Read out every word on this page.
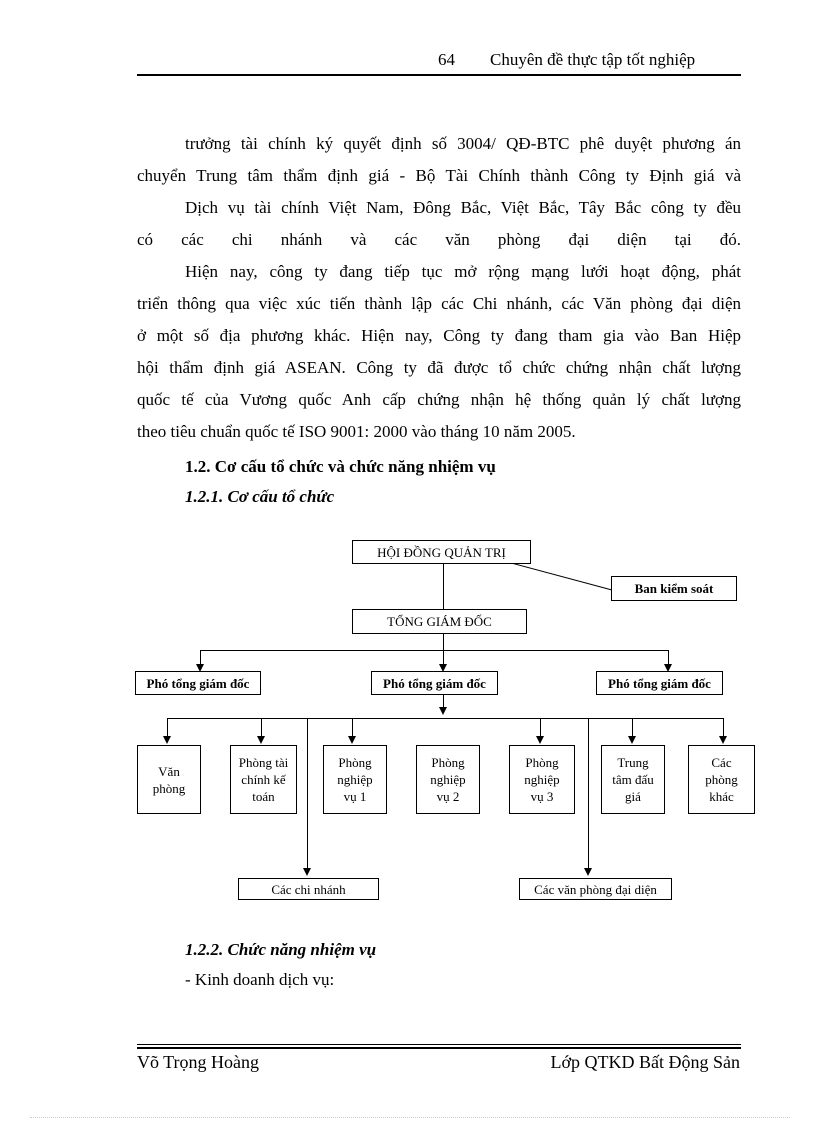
64 Chuyên đề thực tập tốt nghiệp
trưởng tài chính ký quyết định số 3004/ QĐ-BTC phê duyệt phương án
chuyển Trung tâm thẩm định giá - Bộ Tài Chính thành Công ty Định giá và
Dịch vụ tài chính Việt Nam, Đông Bắc, Việt Bắc, Tây Bắc công ty đều
có các chi nhánh và các văn phòng đại diện tại đó.
Hiện nay, công ty đang tiếp tục mở rộng mạng lưới hoạt động, phát
triển thông qua việc xúc tiến thành lập các Chi nhánh, các Văn phòng đại diện
ở một số địa phương khác. Hiện nay, Công ty đang tham gia vào Ban Hiệp
hội thẩm định giá ASEAN. Công ty đã được tổ chức chứng nhận chất lượng
quốc tế của Vương quốc Anh cấp chứng nhận hệ thống quản lý chất lượng
theo tiêu chuẩn quốc tế ISO 9001: 2000 vào tháng 10 năm 2005.
1.2. Cơ cấu tổ chức và chức năng nhiệm vụ
1.2.1. Cơ cấu tổ chức
HỘI ĐỒNG QUẢN TRỊ
Ban kiểm soát
TỔNG GIÁM ĐỐC
Phó tổng giám đốc	Phó tổng giám đốc	Phó tổng giám đốc
Văn phòng
Phòng tài chính kế toán
Phòng nghiệp vụ 1
Phòng nghiệp vụ 2
Phòng nghiệp vụ 3
Trung tâm đấu giá
Các phòng khác
Các chi nhánh	Các văn phòng đại diện
1.2.2. Chức năng nhiệm vụ
- Kinh doanh dịch vụ:
Võ Trọng Hoàng	Lớp QTKD Bất Động Sản
